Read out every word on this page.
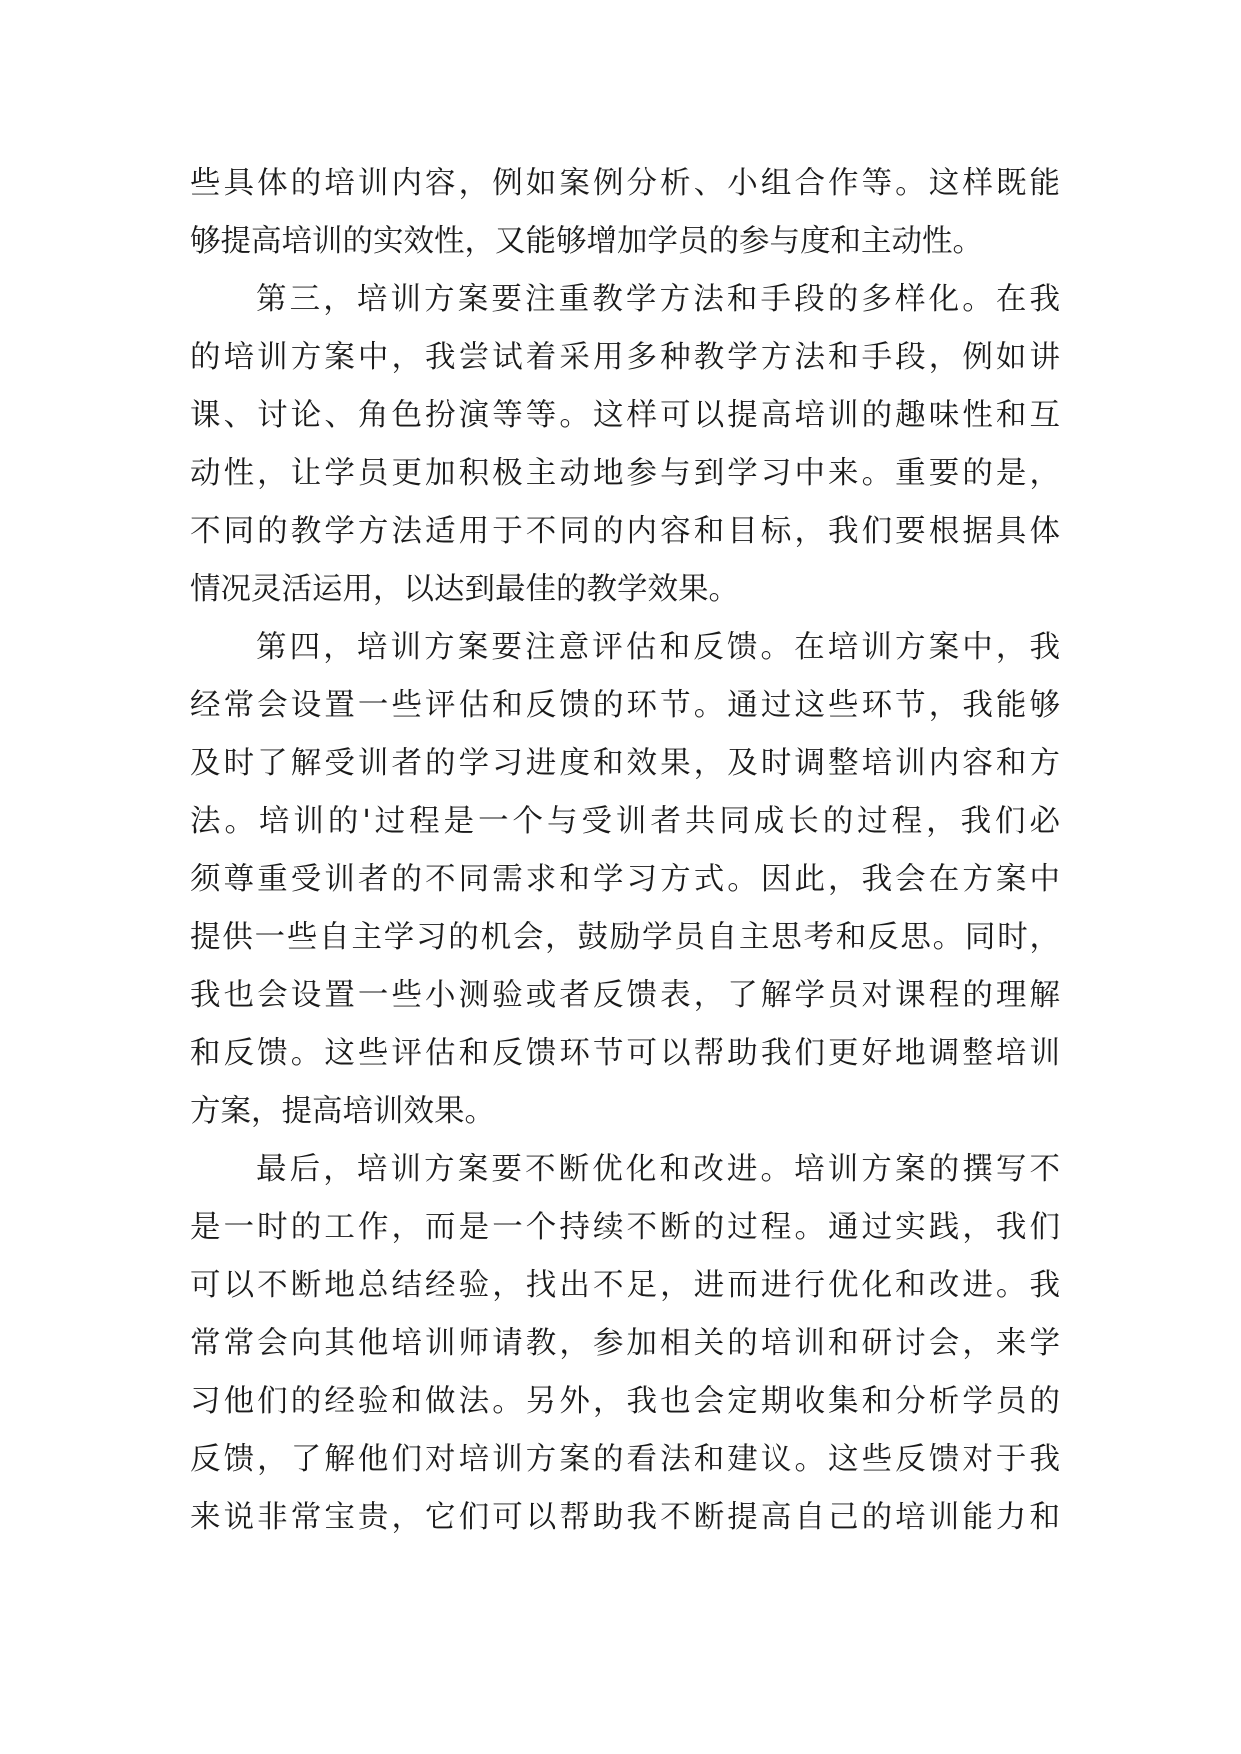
些具体的培训内容，例如案例分析、小组合作等。这样既能
够提高培训的实效性，又能够增加学员的参与度和主动性。
第三，培训方案要注重教学方法和手段的多样化。在我
的培训方案中，我尝试着采用多种教学方法和手段，例如讲
课、讨论、角色扮演等等。这样可以提高培训的趣味性和互
动性，让学员更加积极主动地参与到学习中来。重要的是，
不同的教学方法适用于不同的内容和目标，我们要根据具体
情况灵活运用，以达到最佳的教学效果。
第四，培训方案要注意评估和反馈。在培训方案中，我
经常会设置一些评估和反馈的环节。通过这些环节，我能够
及时了解受训者的学习进度和效果，及时调整培训内容和方
法。培训的'过程是一个与受训者共同成长的过程，我们必
须尊重受训者的不同需求和学习方式。因此，我会在方案中
提供一些自主学习的机会，鼓励学员自主思考和反思。同时，
我也会设置一些小测验或者反馈表，了解学员对课程的理解
和反馈。这些评估和反馈环节可以帮助我们更好地调整培训
方案，提高培训效果。
最后，培训方案要不断优化和改进。培训方案的撰写不
是一时的工作，而是一个持续不断的过程。通过实践，我们
可以不断地总结经验，找出不足，进而进行优化和改进。我
常常会向其他培训师请教，参加相关的培训和研讨会，来学
习他们的经验和做法。另外，我也会定期收集和分析学员的
反馈，了解他们对培训方案的看法和建议。这些反馈对于我
来说非常宝贵，它们可以帮助我不断提高自己的培训能力和
